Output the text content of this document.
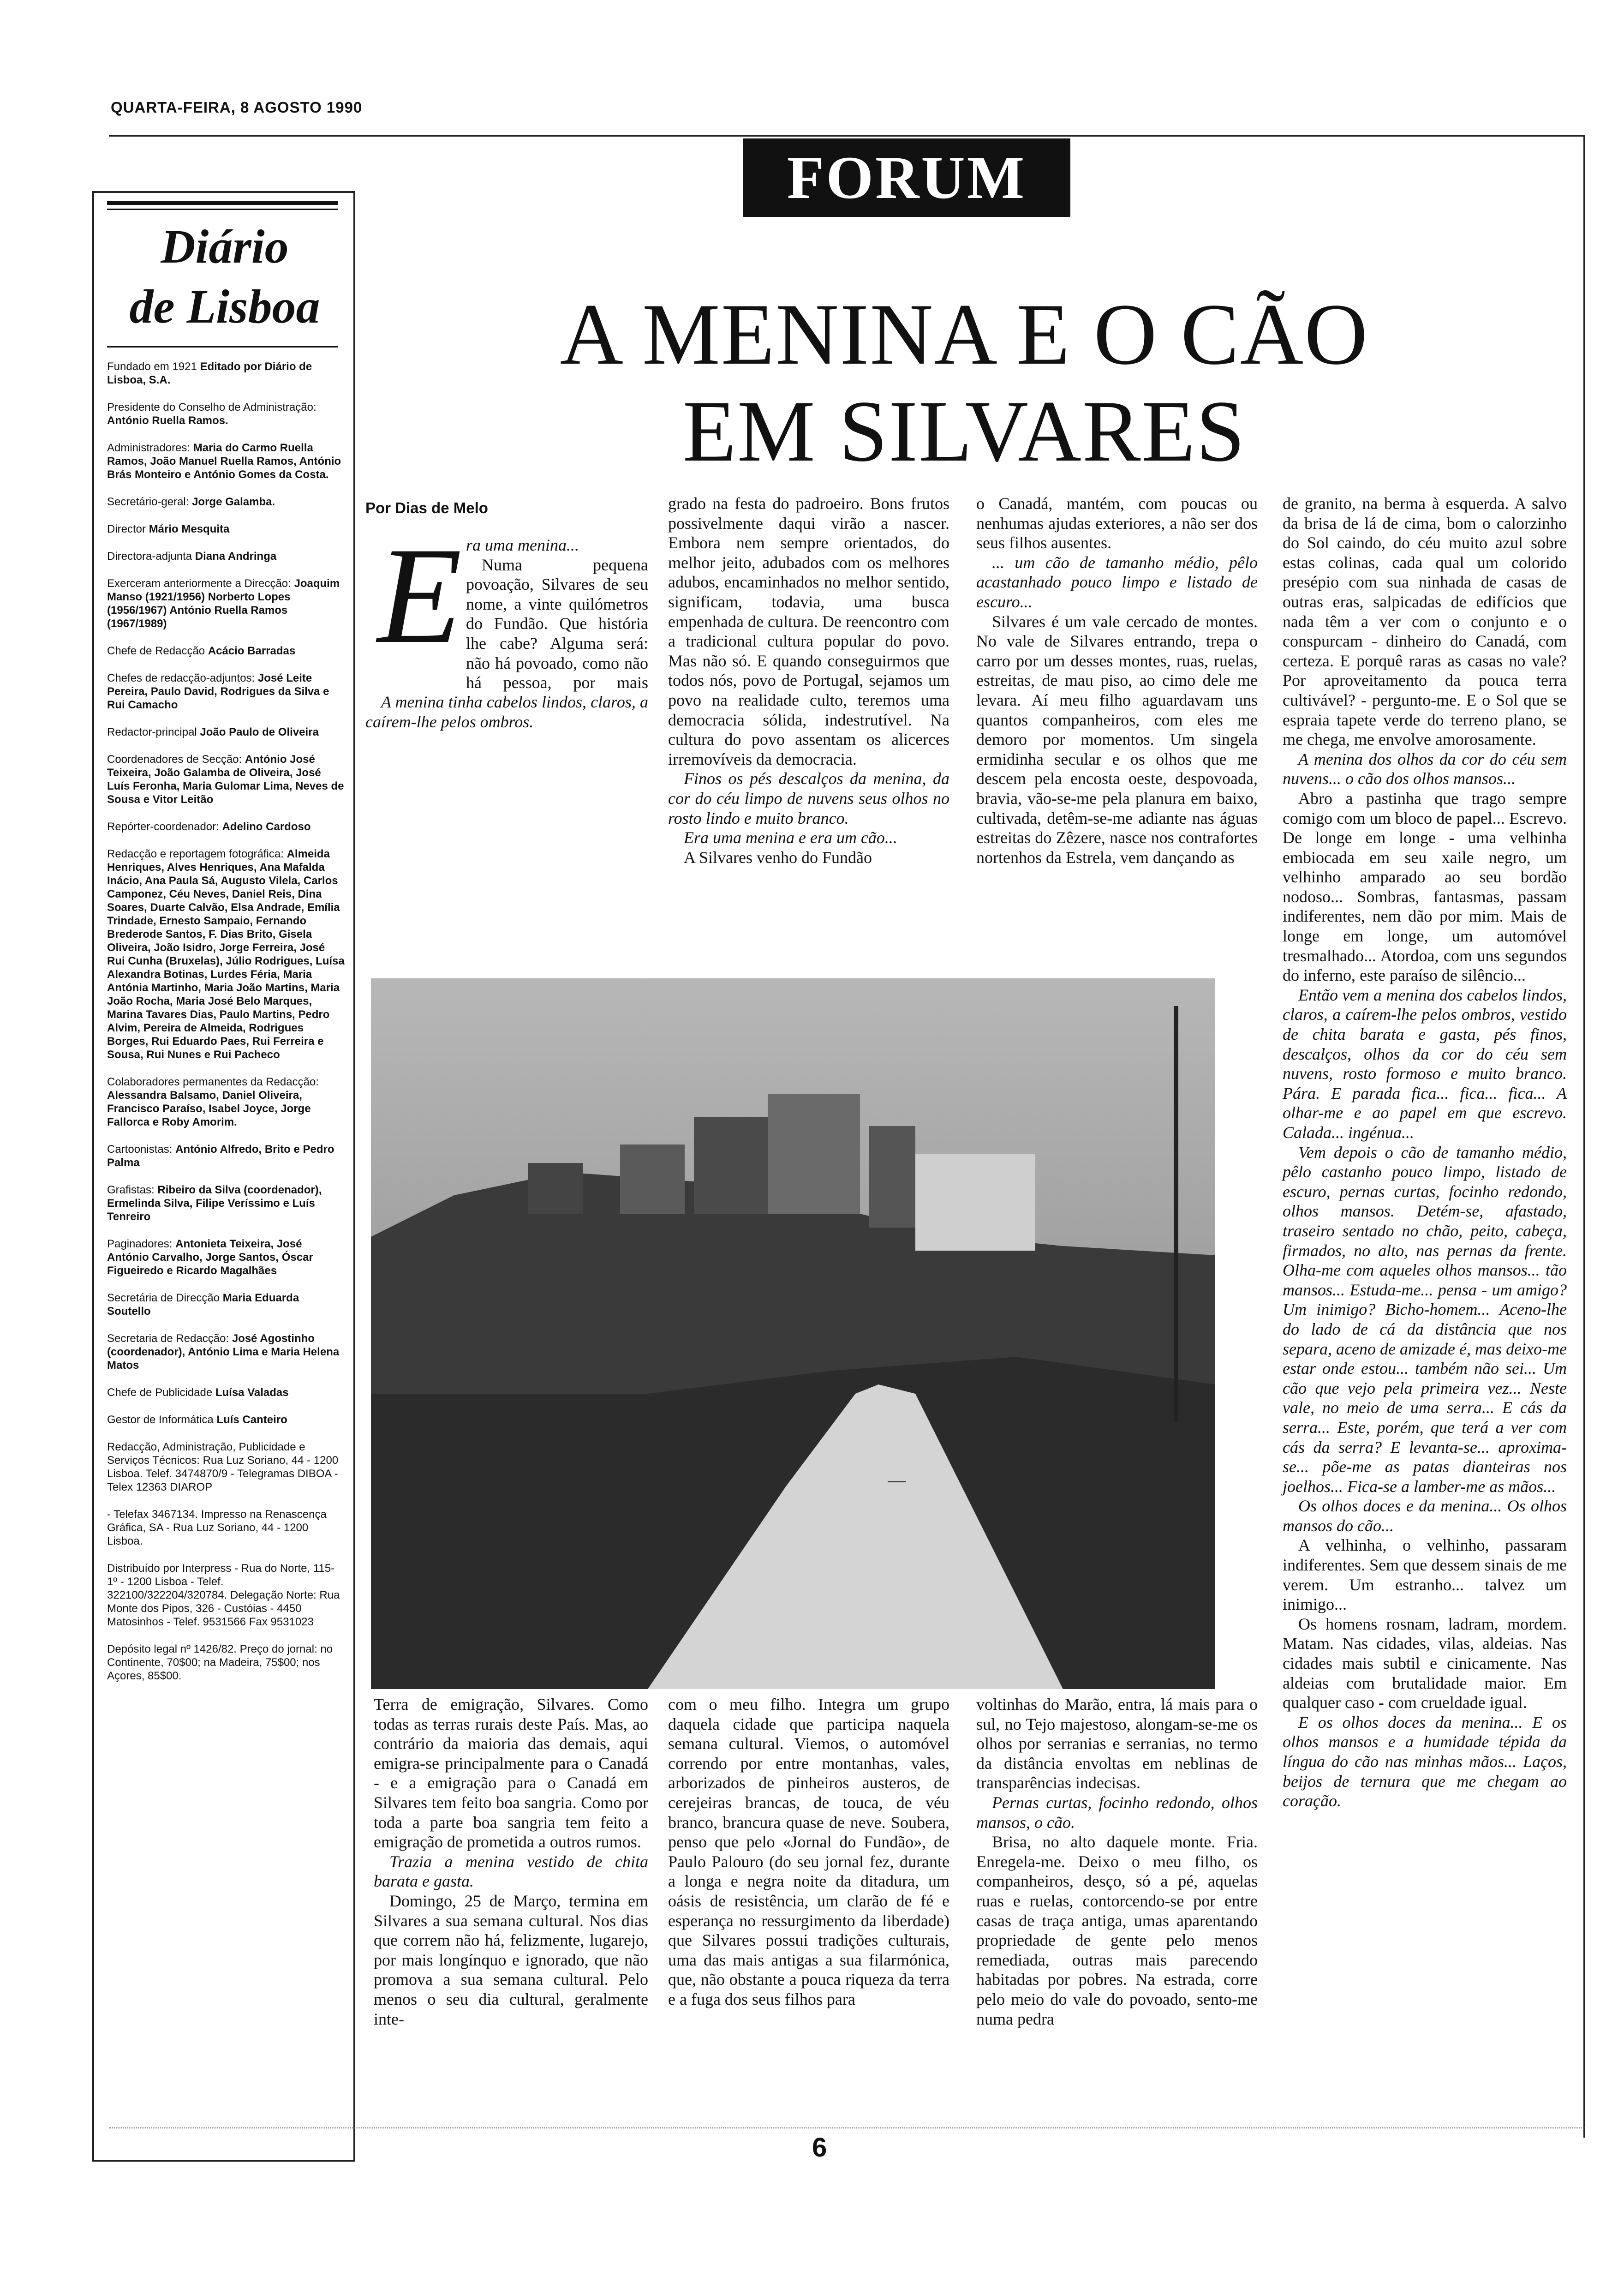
QUARTA-FEIRA, 8 AGOSTO 1990
FORUM
Diário
de Lisboa

Fundado em 1921 Editado por Diário de Lisboa, S.A.

Presidente do Conselho de Administração: António Ruella Ramos.

Administradores: Maria do Carmo Ruella Ramos, João Manuel Ruella Ramos, António Brás Monteiro e António Gomes da Costa.

Secretário-geral: Jorge Galamba.

Director Mário Mesquita

Directora-adjunta Diana Andringa

Exerceram anteriormente a Direcção: Joaquim Manso (1921/1956) Norberto Lopes (1956/1967) António Ruella Ramos (1967/1989)

Chefe de Redacção Acácio Barradas

Chefes de redacção-adjuntos: José Leite Pereira, Paulo David, Rodrigues da Silva e Rui Camacho

Redactor-principal João Paulo de Oliveira

Coordenadores de Secção: António José Teixeira, João Galamba de Oliveira, José Luís Feronha, Maria Gulomar Lima, Neves de Sousa e Vitor Leitão

Repórter-coordenador: Adelino Cardoso

Redacção e reportagem fotográfica: Almeida Henriques, Alves Henriques, Ana Mafalda Inácio, Ana Paula Sá, Augusto Vilela, Carlos Camponez, Céu Neves, Daniel Reis, Dina Soares, Duarte Calvão, Elsa Andrade, Emília Trindade, Ernesto Sampaio, Fernando Brederode Santos, F. Dias Brito, Gisela Oliveira, João Isidro, Jorge Ferreira, José Rui Cunha (Bruxelas), Júlio Rodrigues, Luísa Alexandra Botinas, Lurdes Féria, Maria Antónia Martinho, Maria João Martins, Maria João Rocha, Maria José Belo Marques, Marina Tavares Dias, Paulo Martins, Pedro Alvim, Pereira de Almeida, Rodrigues Borges, Rui Eduardo Paes, Rui Ferreira e Sousa, Rui Nunes e Rui Pacheco

Colaboradores permanentes da Redacção: Alessandra Balsamo, Daniel Oliveira, Francisco Paraíso, Isabel Joyce, Jorge Fallorca e Roby Amorim.

Cartoonistas: António Alfredo, Brito e Pedro Palma

Grafistas: Ribeiro da Silva (coordenador), Ermelinda Silva, Filipe Veríssimo e Luís Tenreiro

Paginadores: Antonieta Teixeira, José António Carvalho, Jorge Santos, Óscar Figueiredo e Ricardo Magalhães

Secretária de Direcção Maria Eduarda Soutello

Secretaria de Redacção: José Agostinho (coordenador), António Lima e Maria Helena Matos

Chefe de Publicidade Luísa Valadas

Gestor de Informática Luís Canteiro

Redacção, Administração, Publicidade e Serviços Técnicos: Rua Luz Soriano, 44 - 1200 Lisboa. Telef. 3474870/9 - Telegramas DIBOA - Telex 12363 DIAROP

- Telefax 3467134. Impresso na Renascença Gráfica, SA - Rua Luz Soriano, 44 - 1200 Lisboa.

Distribuído por Interpress - Rua do Norte, 115-1º - 1200 Lisboa - Telef. 322100/322204/320784. Delegação Norte: Rua Monte dos Pipos, 326 - Custóias - 4450 Matosinhos - Telef. 9531566 Fax 9531023

Depósito legal nº 1426/82. Preço do jornal: no Continente, 70$00; na Madeira, 75$00; nos Açores, 85$00.

A MENINA E O CÃO
EM SILVARES
Por Dias de Melo
E ra uma menina...

Numa pequena povoação, Silvares de seu nome, a vinte quilómetros do Fundão. Que história lhe cabe? Alguma será: não há povoado, como não há pessoa, por mais

A menina tinha cabelos lindos, claros, a caírem-lhe pelos ombros.

grado na festa do padroeiro. Bons frutos possivelmente daqui virão a nascer. Embora nem sempre orientados, do melhor jeito, adubados com os melhores adubos, encaminhados no melhor sentido, significam, todavia, uma busca empenhada de cultura. De reencontro com a tradicional cultura popular do povo. Mas não só. E quando conseguirmos que todos nós, povo de Portugal, sejamos um povo na realidade culto, teremos uma democracia sólida, indestrutível. Na cultura do povo assentam os alicerces irremovíveis da democracia.

Finos os pés descalços da menina, da cor do céu limpo de nuvens seus olhos no rosto lindo e muito branco.

Era uma menina e era um cão...

A Silvares venho do Fundão

o Canadá, mantém, com poucas ou nenhumas ajudas exteriores, a não ser dos seus filhos ausentes.

... um cão de tamanho médio, pêlo acastanhado pouco limpo e listado de escuro...

Silvares é um vale cercado de montes. No vale de Silvares entrando, trepa o carro por um desses montes, ruas, ruelas, estreitas, de mau piso, ao cimo dele me levara. Aí meu filho aguardavam uns quantos companheiros, com eles me demoro por momentos. Um singela ermidinha secular e os olhos que me descem pela encosta oeste, despovoada, bravia, vão-se-me pela planura em baixo, cultivada, detêm-se-me adiante nas águas estreitas do Zêzere, nasce nos contrafortes nortenhos da Estrela, vem dançando as

de granito, na berma à esquerda. A salvo da brisa de lá de cima, bom o calorzinho do Sol caindo, do céu muito azul sobre estas colinas, cada qual um colorido presépio com sua ninhada de casas de outras eras, salpicadas de edifícios que nada têm a ver com o conjunto e o conspurcam - dinheiro do Canadá, com certeza. E porquê raras as casas no vale? Por aproveitamento da pouca terra cultivável? - pergunto-me. E o Sol que se espraia tapete verde do terreno plano, se me chega, me envolve amorosamente.

A menina dos olhos da cor do céu sem nuvens... o cão dos olhos mansos...

Abro a pastinha que trago sempre comigo com um bloco de papel... Escrevo. De longe em longe - uma velhinha embiocada em seu xaile negro, um velhinho amparado ao seu bordão nodoso... Sombras, fantasmas, passam indiferentes, nem dão por mim. Mais de longe em longe, um automóvel tresmalhado... Atordoa, com uns segundos do inferno, este paraíso de silêncio...

Então vem a menina dos cabelos lindos, claros, a caírem-lhe pelos ombros, vestido de chita barata e gasta, pés finos, descalços, olhos da cor do céu sem nuvens, rosto formoso e muito branco. Pára. E parada fica... fica... fica... A olhar-me e ao papel em que escrevo. Calada... ingénua...

Vem depois o cão de tamanho médio, pêlo castanho pouco limpo, listado de escuro, pernas curtas, focinho redondo, olhos mansos. Detém-se, afastado, traseiro sentado no chão, peito, cabeça, firmados, no alto, nas pernas da frente. Olha-me com aqueles olhos mansos... tão mansos... Estuda-me... pensa - um amigo? Um inimigo? Bicho-homem... Aceno-lhe do lado de cá da distância que nos separa, aceno de amizade é, mas deixo-me estar onde estou... também não sei... Um cão que vejo pela primeira vez... Neste vale, no meio de uma serra... E cás da serra... Este, porém, que terá a ver com cás da serra? E levanta-se... aproxima-se... põe-me as patas dianteiras nos joelhos... Fica-se a lamber-me as mãos...

Os olhos doces e da menina... Os olhos mansos do cão...

A velhinha, o velhinho, passaram indiferentes. Sem que dessem sinais de me verem. Um estranho... talvez um inimigo...

Os homens rosnam, ladram, mordem. Matam. Nas cidades, vilas, aldeias. Nas cidades mais subtil e cinicamente. Nas aldeias com brutalidade maior. Em qualquer caso - com crueldade igual.

E os olhos doces da menina... E os olhos mansos e a humidade tépida da língua do cão nas minhas mãos... Laços, beijos de ternura que me chegam ao coração.

Terra de emigração, Silvares. Como todas as terras rurais deste País. Mas, ao contrário da maioria das demais, aqui emigra-se principalmente para o Canadá - e a emigração para o Canadá em Silvares tem feito boa sangria. Como por toda a parte boa sangria tem feito a emigração de prometida a outros rumos.

Trazia a menina vestido de chita barata e gasta.

Domingo, 25 de Março, termina em Silvares a sua semana cultural. Nos dias que correm não há, felizmente, lugarejo, por mais longínquo e ignorado, que não promova a sua semana cultural. Pelo menos o seu dia cultural, geralmente inte-

com o meu filho. Integra um grupo daquela cidade que participa naquela semana cultural. Viemos, o automóvel correndo por entre montanhas, vales, arborizados de pinheiros austeros, de cerejeiras brancas, de touca, de véu branco, brancura quase de neve. Soubera, penso que pelo «Jornal do Fundão», de Paulo Palouro (do seu jornal fez, durante a longa e negra noite da ditadura, um oásis de resistência, um clarão de fé e esperança no ressurgimento da liberdade) que Silvares possui tradições culturais, uma das mais antigas a sua filarmónica, que, não obstante a pouca riqueza da terra e a fuga dos seus filhos para

voltinhas do Marão, entra, lá mais para o sul, no Tejo majestoso, alongam-se-me os olhos por serranias e serranias, no termo da distância envoltas em neblinas de transparências indecisas.

Pernas curtas, focinho redondo, olhos mansos, o cão.

Brisa, no alto daquele monte. Fria. Enregela-me. Deixo o meu filho, os companheiros, desço, só a pé, aquelas ruas e ruelas, contorcendo-se por entre casas de traça antiga, umas aparentando propriedade de gente pelo menos remediada, outras mais parecendo habitadas por pobres. Na estrada, corre pelo meio do vale do povoado, sento-me numa pedra

6
